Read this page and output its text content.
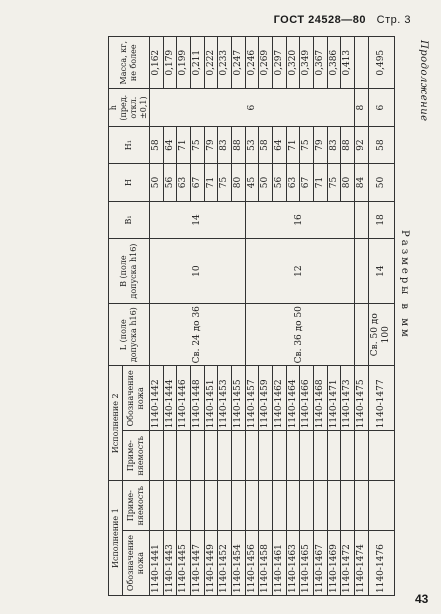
ГОСТ 24528—80 Стр. 3
Продолжение
Размеры в мм
43
Исполнение 1		Исполнение 2		L (поле допуска h16)	B (поле допуска h16)	B₁	H	H₁	h (пред. откл. ±0,1)	Масса, кг, не более
Обозначение ножа	Приме- няемость	Приме- няемость	Обозначение ножа							
1140-1441			1140-1442	Св. 24 до 36	10	14	50	58	6	0,162
1140-1443			1140-1444				56	64		0,179
1140-1445			1140-1446				63	71		0,199
1140-1447			1140-1448				67	75		0,211
1140-1449			1140-1451				71	79		0,222
1140-1452			1140-1453				75	83		0,233
1140-1454			1140-1455				80	88		0,247
1140-1456			1140-1457	Св. 36 до 50	12	16	45	53		0,246
1140-1458			1140-1459				50	58		0,269
1140-1461			1140-1462				56	64		0,297
1140-1463			1140-1464				63	71		0,320
1140-1465			1140-1466				67	75		0,349
1140-1467			1140-1468				71	79		0,367
1140-1469			1140-1471				75	83		0,386
1140-1472			1140-1473				80	88		0,413
1140-1474			1140-1475				84	92	8	
1140-1476			1140-1477	Св. 50 до 100	14	18	50	58	6	0,495
